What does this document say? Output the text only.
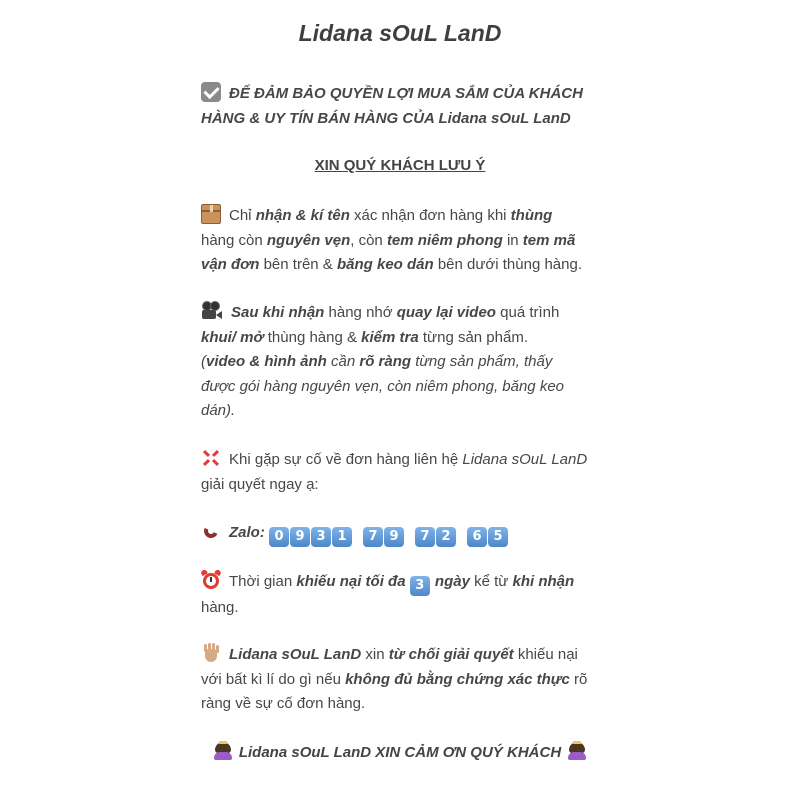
Lidana sOuL LanD
ĐỂ ĐẢM BẢO QUYỀN LỢI MUA SẮM CỦA KHÁCH
HÀNG & UY TÍN BÁN HÀNG CỦA Lidana sOuL LanD
XIN QUÝ KHÁCH LƯU Ý
Chỉ nhận & kí tên xác nhận đơn hàng khi thùng
hàng còn nguyên vẹn, còn tem niêm phong in tem mã
vận đơn bên trên & băng keo dán bên dưới thùng hàng.
Sau khi nhận hàng nhớ quay lại video quá trình
khui/ mở thùng hàng & kiểm tra từng sản phẩm.
(video & hình ảnh cần rõ ràng từng sản phẩm, thấy
được gói hàng nguyên vẹn, còn niêm phong, băng keo
dán).
Khi gặp sự cố về đơn hàng liên hệ Lidana sOuL LanD
giải quyết ngay ạ:
Zalo: 0 9 3 1 7 9 7 2 6 5
Thời gian khiếu nại tối đa 3 ngày kể từ khi nhận
hàng.
Lidana sOuL LanD xin từ chối giải quyết khiếu nại
với bất kì lí do gì nếu không đủ bằng chứng xác thực rõ
ràng về sự cố đơn hàng.
Lidana sOuL LanD XIN CẢM ƠN QUÝ KHÁCH
